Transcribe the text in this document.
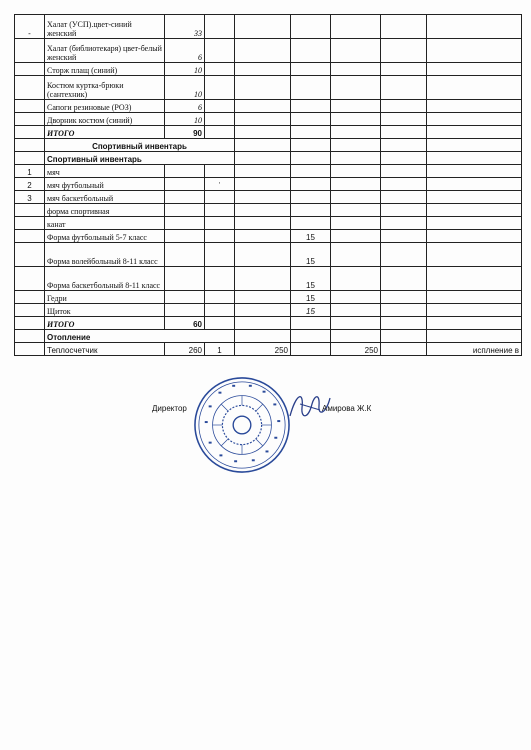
-	Халат (УСП).цвет-синий женский	33						
	Халат (библиотекаря) цвет-белый женский	6						
	Сторж плащ (синий)	10						
	Костюм куртка-брюки (сантехник)	10						
	Сапоги резиновые (РОЗ)	6						
	Дворник костюм (синий)	10						
	ИТОГО	90						
	Спортивный инвентарь							
	Спортивный инвентарь							
1	мяч							
2	мяч футбольный		'					
3	мяч баскетбольный							
	форма спортивная							
	канат							
	Форма футбольный 5-7 класс				15			
	Форма волейбольный 8-11 класс				15			
	Форма баскетбольный 8-11 класс				15			
	Гедри				15			
	Щиток				15			
	ИТОГО	60						
	Отопление							
	Теплосчетчик	260	1	250		250		исплнение в
Директор	Амирова Ж.К
